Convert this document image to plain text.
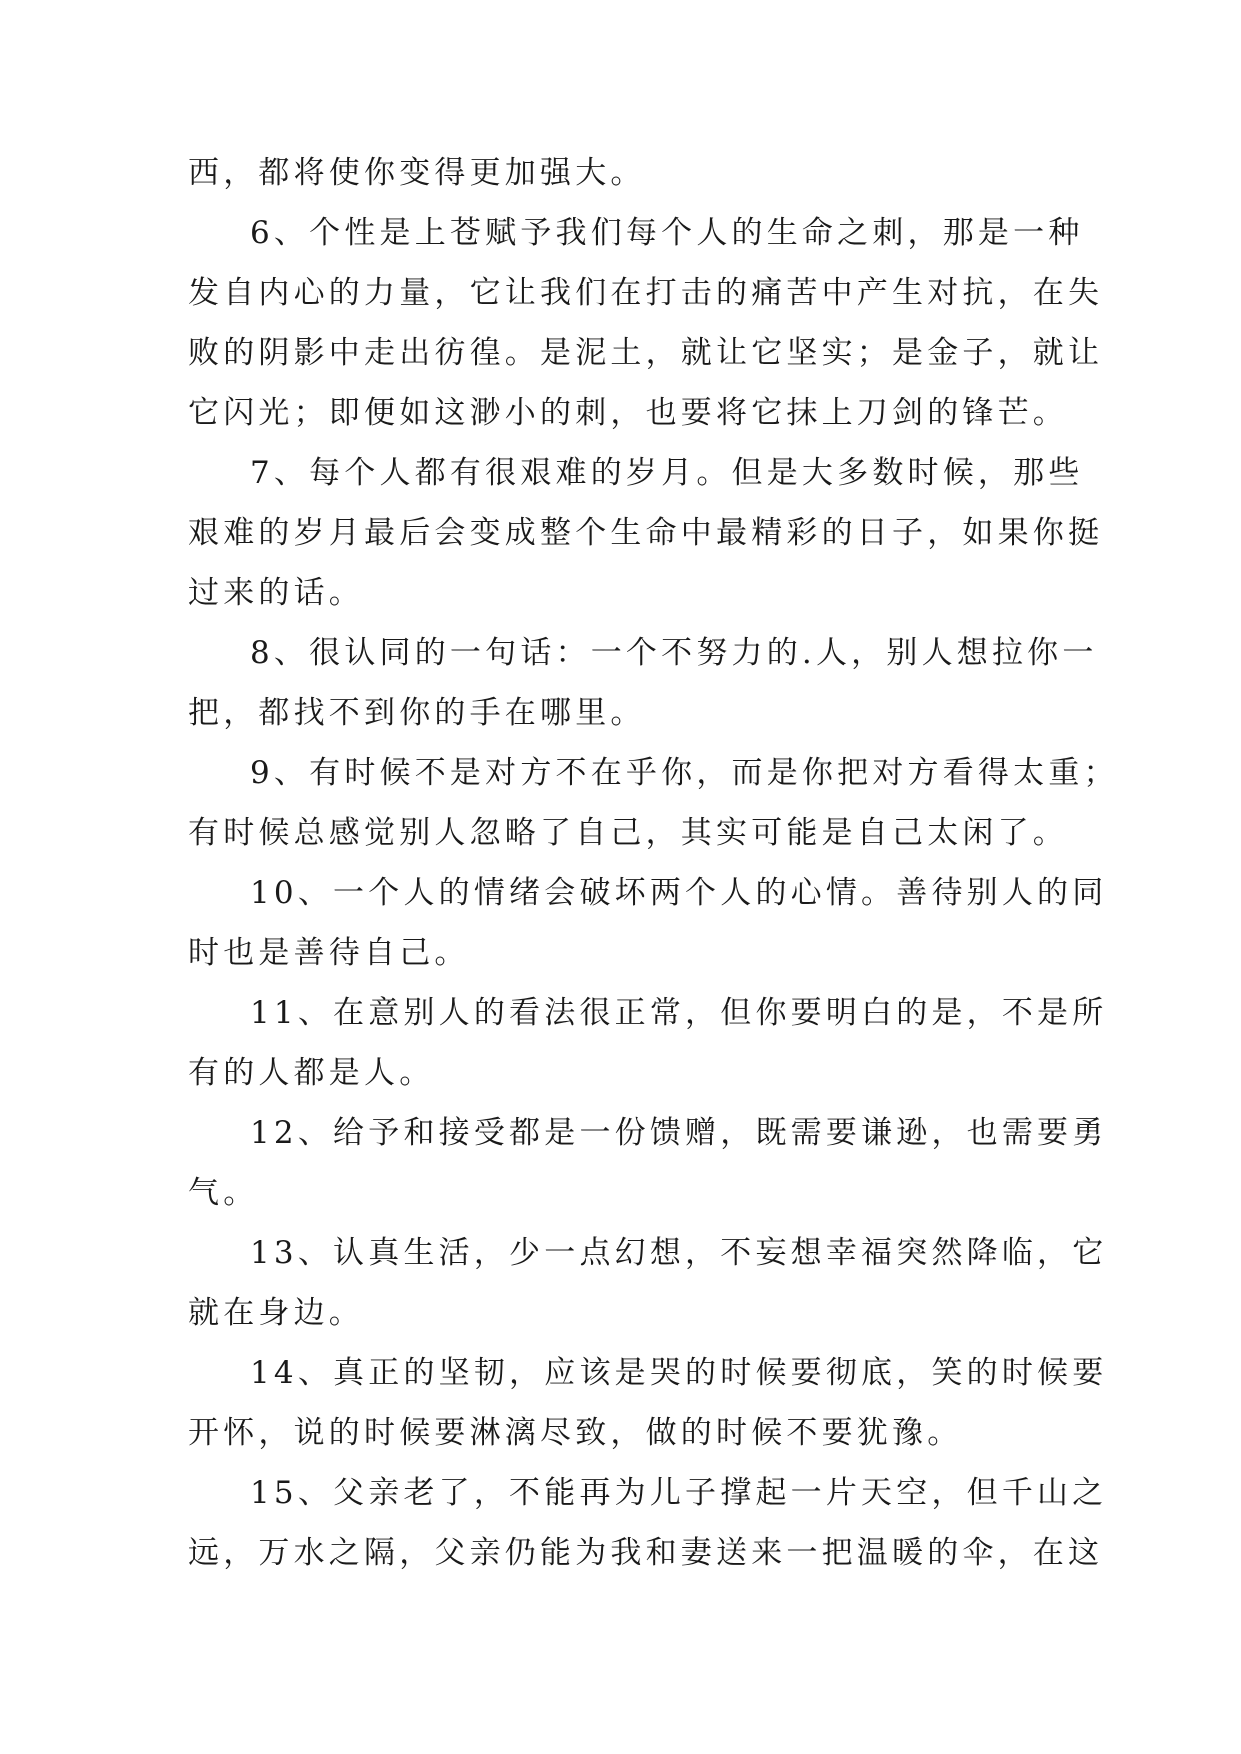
西，都将使你变得更加强大。
6、个性是上苍赋予我们每个人的生命之刺，那是一种
发自内心的力量，它让我们在打击的痛苦中产生对抗，在失
败的阴影中走出彷徨。是泥土，就让它坚实；是金子，就让
它闪光；即便如这渺小的刺，也要将它抹上刀剑的锋芒。
7、每个人都有很艰难的岁月。但是大多数时候，那些
艰难的岁月最后会变成整个生命中最精彩的日子，如果你挺
过来的话。
8、很认同的一句话：一个不努力的.人，别人想拉你一
把，都找不到你的手在哪里。
9、有时候不是对方不在乎你，而是你把对方看得太重；
有时候总感觉别人忽略了自己，其实可能是自己太闲了。
10、一个人的情绪会破坏两个人的心情。善待别人的同
时也是善待自己。
11、在意别人的看法很正常，但你要明白的是，不是所
有的人都是人。
12、给予和接受都是一份馈赠，既需要谦逊，也需要勇
气。
13、认真生活，少一点幻想，不妄想幸福突然降临，它
就在身边。
14、真正的坚韧，应该是哭的时候要彻底，笑的时候要
开怀，说的时候要淋漓尽致，做的时候不要犹豫。
15、父亲老了，不能再为儿子撑起一片天空，但千山之
远，万水之隔，父亲仍能为我和妻送来一把温暖的伞，在这
